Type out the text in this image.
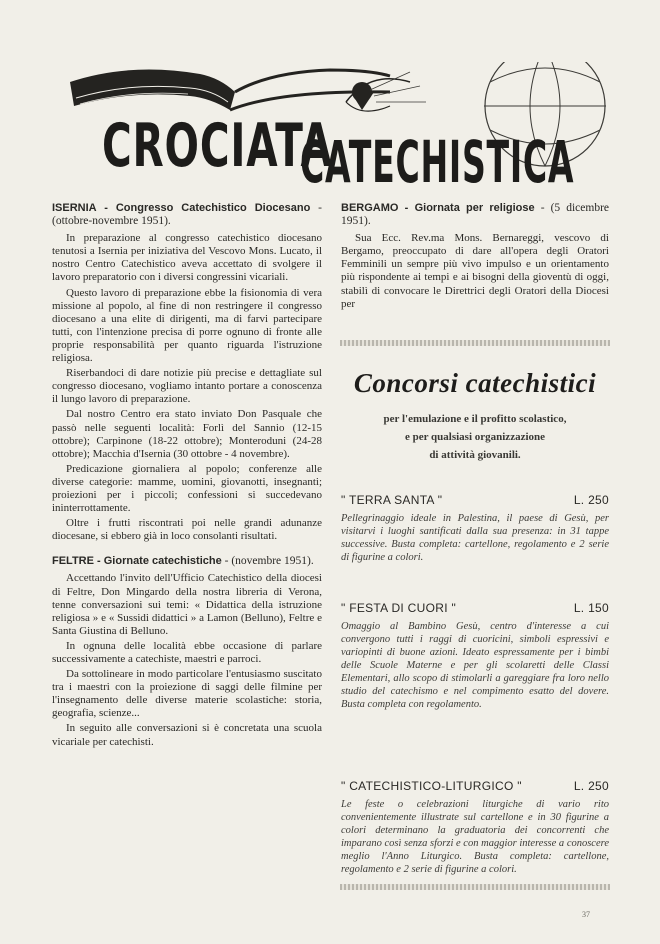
CROCIATA
CATECHISTICA
ISERNIA - Congresso Catechistico Diocesano - (ottobre-novembre 1951).

In preparazione al congresso catechistico diocesano tenutosi a Isernia per iniziativa del Vescovo Mons. Lucato, il nostro Centro Catechistico aveva accettato di svolgere il lavoro preparatorio con i diversi congressini vicariali.

Questo lavoro di preparazione ebbe la fisionomia di vera missione al popolo, al fine di non restringere il congresso diocesano a una elite di dirigenti, ma di farvi partecipare tutti, con l'intenzione precisa di porre ognuno di fronte alle proprie responsabilità per quanto riguarda l'istruzione religiosa.

Riserbandoci di dare notizie più precise e dettagliate sul congresso diocesano, vogliamo intanto portare a conoscenza il lungo lavoro di preparazione.

Dal nostro Centro era stato inviato Don Pasquale che passò nelle seguenti località: Forlì del Sannio (12-15 ottobre); Carpinone (18-22 ottobre); Monteroduni (24-28 ottobre); Macchia d'Isernia (30 ottobre - 4 novembre).

Predicazione giornaliera al popolo; conferenze alle diverse categorie: mamme, uomini, giovanotti, insegnanti; proiezioni per i piccoli; confessioni si succedevano ininterrottamente.

Oltre i frutti riscontrati poi nelle grandi adunanze diocesane, si ebbero già in loco consolanti risultati.

FELTRE - Giornate catechistiche - (novembre 1951).

Accettando l'invito dell'Ufficio Catechistico della diocesi di Feltre, Don Mingardo della nostra libreria di Verona, tenne conversazioni sui temi: « Didattica della istruzione religiosa » e « Sussidi didattici » a Lamon (Belluno), Feltre e Santa Giustina di Belluno.

In ognuna delle località ebbe occasione di parlare successivamente a catechiste, maestri e parroci.

Da sottolineare in modo particolare l'entusiasmo suscitato tra i maestri con la proiezione di saggi delle filmine per l'insegnamento delle diverse materie scolastiche: storia, geografia, scienze...

In seguito alle conversazioni si è concretata una scuola vicariale per catechisti.

BERGAMO - Giornata per religiose - (5 dicembre 1951).

Sua Ecc. Rev.ma Mons. Bernareggi, vescovo di Bergamo, preoccupato di dare all'opera degli Oratori Femminili un sempre più vivo impulso e un orientamento più rispondente ai tempi e ai bisogni della gioventù di oggi, stabilì di convocare le Direttrici degli Oratori della Diocesi per

Concorsi catechistici
per l'emulazione e il profitto scolastico,
e per qualsiasi organizzazione
di attività giovanili.
" TERRA SANTA "	L. 250
Pellegrinaggio ideale in Palestina, il paese di Gesù, per visitarvi i luoghi santificati dalla sua presenza: in 31 tappe successive. Busta completa: cartellone, regolamento e 2 serie di figurine a colori.
" FESTA DI CUORI "	L. 150
Omaggio al Bambino Gesù, centro d'interesse a cui convergono tutti i raggi di cuoricini, simboli espressivi e variopinti di buone azioni. Ideato espressamente per i bimbi delle Scuole Materne e per gli scolaretti delle Classi Elementari, allo scopo di stimolarli a gareggiare fra loro nello studio del catechismo e nel compimento esatto del dovere. Busta completa con regolamento.
" CATECHISTICO-LITURGICO "	L. 250
Le feste o celebrazioni liturgiche di vario rito convenientemente illustrate sul cartellone e in 30 figurine a colori determinano la graduatoria dei concorrenti che imparano così senza sforzi e con maggior interesse a conoscere meglio l'Anno Liturgico. Busta completa: cartellone, regolamento e 2 serie di figurine a colori.
37
